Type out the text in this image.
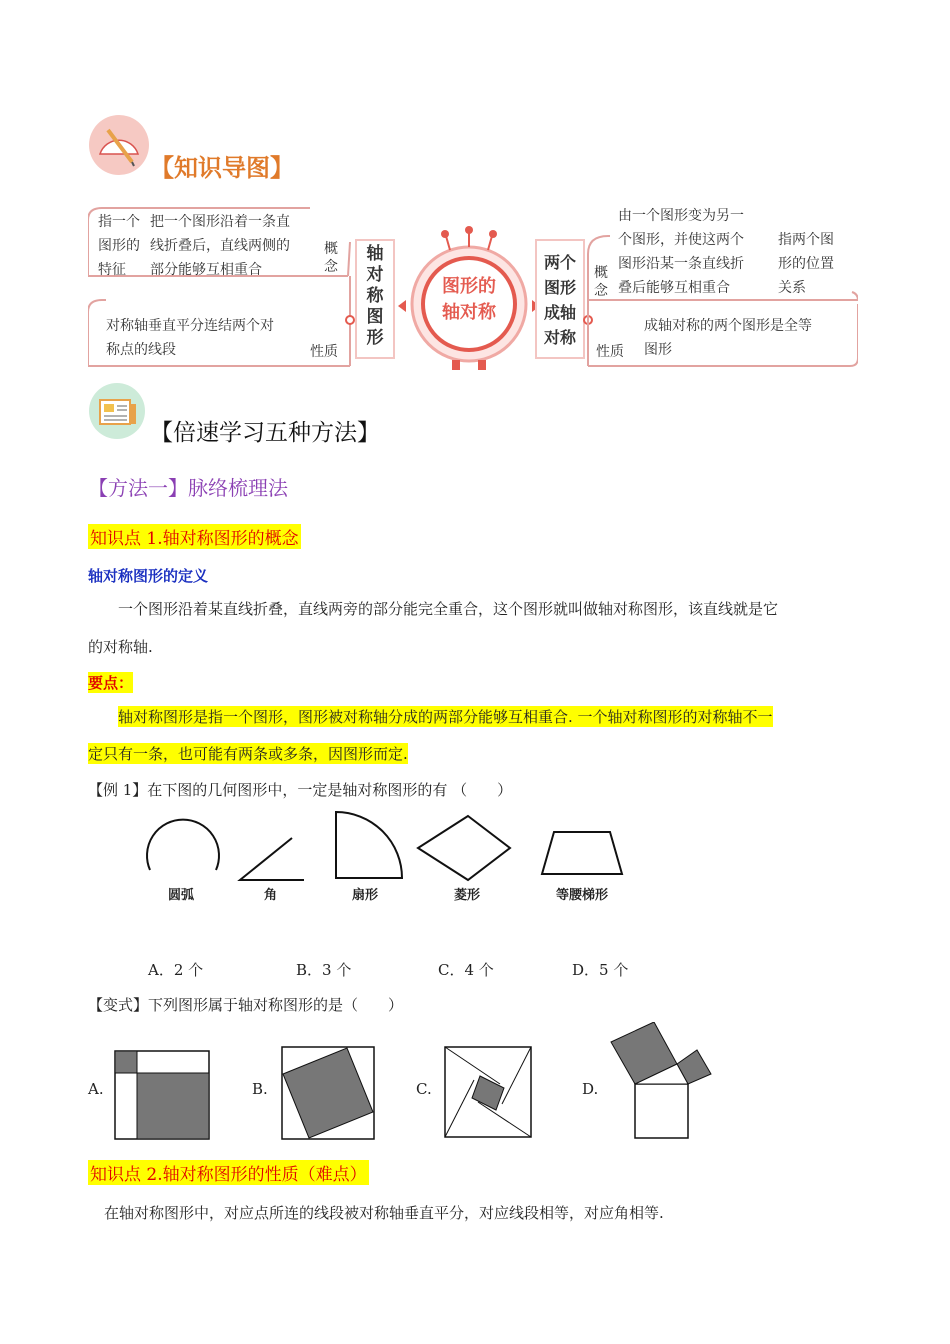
【知识导图】
指一个
图形的
特征
把一个图形沿着一条直
线折叠后，直线两侧的
部分能够互相重合
概念
对称轴垂直平分连结两个对
称点的线段	性质
轴
对
称
图
形
图形的
轴对称
两个
图形
成轴
对称
概念
由一个图形变为另一
个图形，并使这两个
图形沿某一条直线折
叠后能够互相重合
指两个图
形的位置
关系
成轴对称的两个图形是全等
图形
性质
【倍速学习五种方法】
【方法一】脉络梳理法
知识点 1.轴对称图形的概念
轴对称图形的定义
一个图形沿着某直线折叠，直线两旁的部分能完全重合，这个图形就叫做轴对称图形，该直线就是它
的对称轴.
要点：
轴对称图形是指一个图形，图形被对称轴分成的两部分能够互相重合. 一个轴对称图形的对称轴不一
定只有一条，也可能有两条或多条，因图形而定.
【例 1】在下图的几何图形中，一定是轴对称图形的有 （　　）
圆弧	角	扇形	菱形	等腰梯形
A．2 个	B．3 个	C．4 个	D．5 个
【变式】下列图形属于轴对称图形的是（　　）
A.	B.	C.	D.
知识点 2.轴对称图形的性质（难点）
在轴对称图形中，对应点所连的线段被对称轴垂直平分，对应线段相等，对应角相等.
